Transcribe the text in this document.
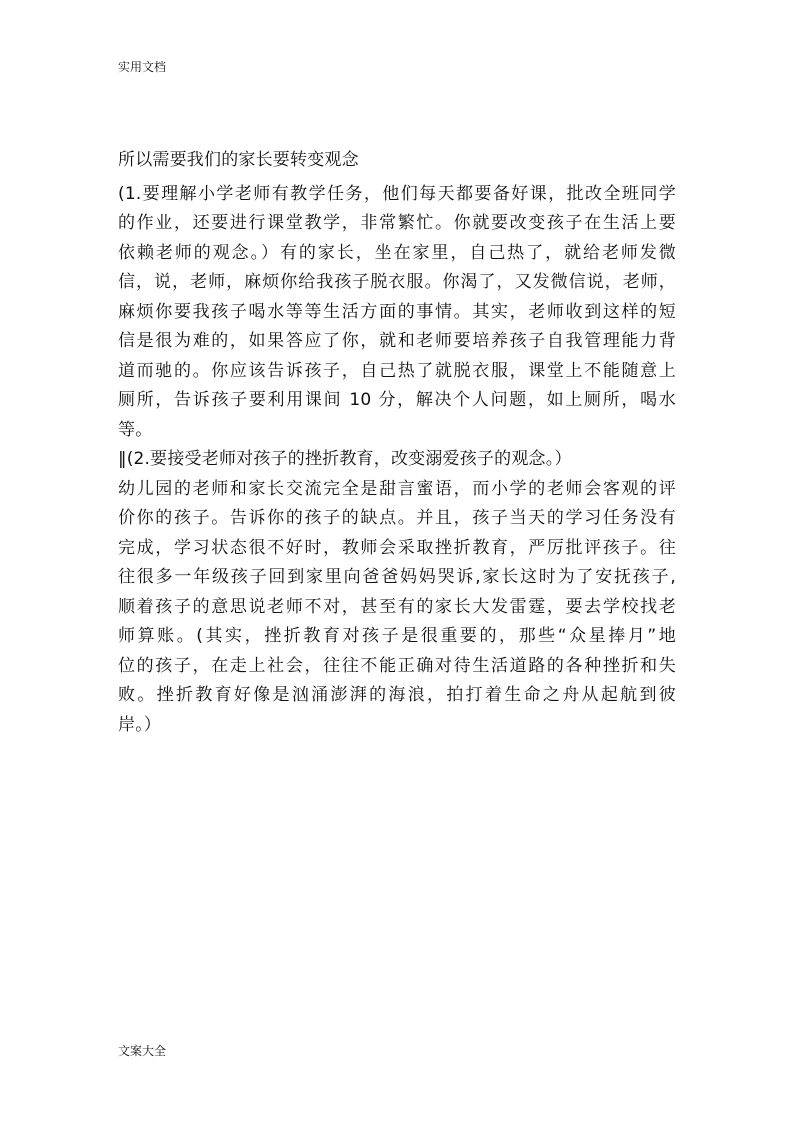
实用文档
所以需要我们的家长要转变观念
(1.要理解小学老师有教学任务，他们每天都要备好课，批改全班同学
的作业，还要进行课堂教学，非常繁忙。你就要改变孩子在生活上要
依赖老师的观念。）有的家长，坐在家里，自己热了，就给老师发微
信，说，老师，麻烦你给我孩子脱衣服。你渴了，又发微信说，老师，
麻烦你要我孩子喝水等等生活方面的事情。其实，老师收到这样的短
信是很为难的，如果答应了你，就和老师要培养孩子自我管理能力背
道而驰的。你应该告诉孩子，自己热了就脱衣服，课堂上不能随意上
厕所，告诉孩子要利用课间 10 分，解决个人问题，如上厕所，喝水
等。
‖(2.要接受老师对孩子的挫折教育，改变溺爱孩子的观念。）
幼儿园的老师和家长交流完全是甜言蜜语，而小学的老师会客观的评
价你的孩子。告诉你的孩子的缺点。并且，孩子当天的学习任务没有
完成，学习状态很不好时，教师会采取挫折教育，严厉批评孩子。往
往很多一年级孩子回到家里向爸爸妈妈哭诉,家长这时为了安抚孩子,
顺着孩子的意思说老师不对，甚至有的家长大发雷霆，要去学校找老
师算账。(其实，挫折教育对孩子是很重要的，那些“众星捧月”地
位的孩子，在走上社会，往往不能正确对待生活道路的各种挫折和失
败。挫折教育好像是汹涌澎湃的海浪，拍打着生命之舟从起航到彼
岸。）
文案大全
